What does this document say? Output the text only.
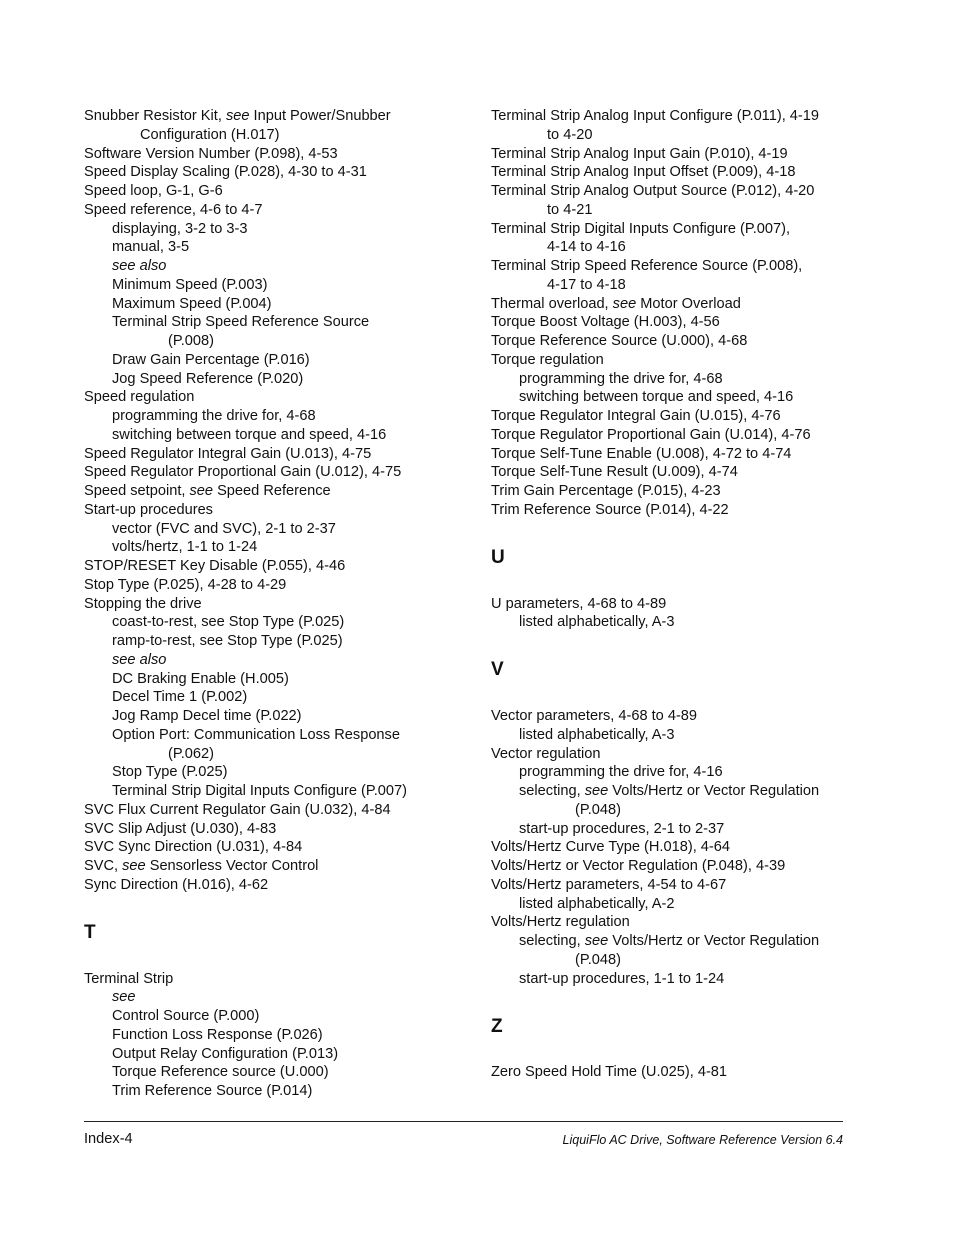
Snubber Resistor Kit, see Input Power/Snubber
Configuration (H.017)
Software Version Number (P.098), 4-53
Speed Display Scaling (P.028), 4-30 to 4-31
Speed loop, G-1, G-6
Speed reference, 4-6 to 4-7
displaying, 3-2 to 3-3
manual, 3-5
see also
Minimum Speed (P.003)
Maximum Speed (P.004)
Terminal Strip Speed Reference Source
(P.008)
Draw Gain Percentage (P.016)
Jog Speed Reference (P.020)
Speed regulation
programming the drive for, 4-68
switching between torque and speed, 4-16
Speed Regulator Integral Gain (U.013), 4-75
Speed Regulator Proportional Gain (U.012), 4-75
Speed setpoint, see Speed Reference
Start-up procedures
vector (FVC and SVC), 2-1 to 2-37
volts/hertz, 1-1 to 1-24
STOP/RESET Key Disable (P.055), 4-46
Stop Type (P.025), 4-28 to 4-29
Stopping the drive
coast-to-rest, see Stop Type (P.025)
ramp-to-rest, see Stop Type (P.025)
see also
DC Braking Enable (H.005)
Decel Time 1 (P.002)
Jog Ramp Decel time (P.022)
Option Port: Communication Loss Response
(P.062)
Stop Type (P.025)
Terminal Strip Digital Inputs Configure (P.007)
SVC Flux Current Regulator Gain (U.032), 4-84
SVC Slip Adjust (U.030), 4-83
SVC Sync Direction (U.031), 4-84
SVC, see Sensorless Vector Control
Sync Direction (H.016), 4-62
T
Terminal Strip
see
Control Source (P.000)
Function Loss Response (P.026)
Output Relay Configuration (P.013)
Torque Reference source (U.000)
Trim Reference Source (P.014)
Terminal Strip Analog Input Configure (P.011), 4-19
to 4-20
Terminal Strip Analog Input Gain (P.010), 4-19
Terminal Strip Analog Input Offset (P.009), 4-18
Terminal Strip Analog Output Source (P.012), 4-20
to 4-21
Terminal Strip Digital Inputs Configure (P.007),
4-14 to 4-16
Terminal Strip Speed Reference Source (P.008),
4-17 to 4-18
Thermal overload, see Motor Overload
Torque Boost Voltage (H.003), 4-56
Torque Reference Source (U.000), 4-68
Torque regulation
programming the drive for, 4-68
switching between torque and speed, 4-16
Torque Regulator Integral Gain (U.015), 4-76
Torque Regulator Proportional Gain (U.014), 4-76
Torque Self-Tune Enable (U.008), 4-72 to 4-74
Torque Self-Tune Result (U.009), 4-74
Trim Gain Percentage (P.015), 4-23
Trim Reference Source (P.014), 4-22
U
U parameters, 4-68 to 4-89
listed alphabetically, A-3
V
Vector parameters, 4-68 to 4-89
listed alphabetically, A-3
Vector regulation
programming the drive for, 4-16
selecting, see Volts/Hertz or Vector Regulation
(P.048)
start-up procedures, 2-1 to 2-37
Volts/Hertz Curve Type (H.018), 4-64
Volts/Hertz or Vector Regulation (P.048), 4-39
Volts/Hertz parameters, 4-54 to 4-67
listed alphabetically, A-2
Volts/Hertz regulation
selecting, see Volts/Hertz or Vector Regulation
(P.048)
start-up procedures, 1-1 to 1-24
Z
Zero Speed Hold Time (U.025), 4-81
Index-4	LiquiFlo AC Drive, Software Reference Version 6.4
